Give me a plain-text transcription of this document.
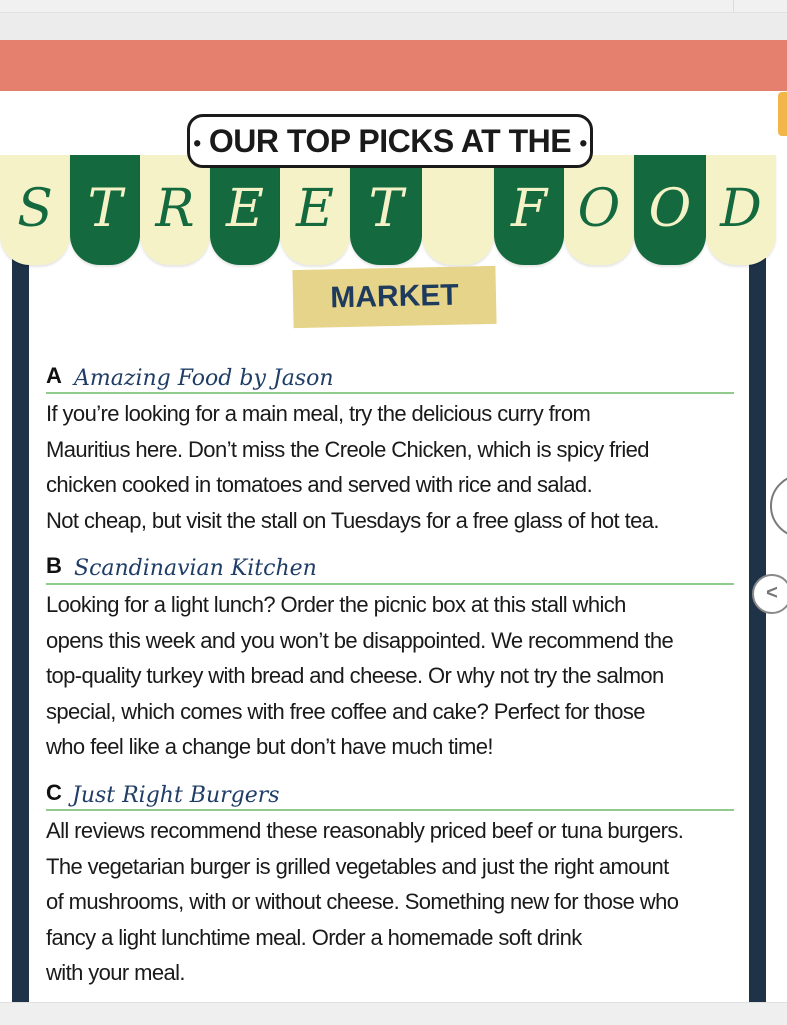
S T R E E T	F O O D
• OUR TOP PICKS AT THE •
MARKET
A Amazing Food by Jason
If you’re looking for a main meal, try the delicious curry from
Mauritius here. Don’t miss the Creole Chicken, which is spicy fried
chicken cooked in tomatoes and served with rice and salad.
Not cheap, but visit the stall on Tuesdays for a free glass of hot tea.
B Scandinavian Kitchen
Looking for a light lunch? Order the picnic box at this stall which
opens this week and you won’t be disappointed. We recommend the
top-quality turkey with bread and cheese. Or why not try the salmon
special, which comes with free coffee and cake? Perfect for those
who feel like a change but don’t have much time!
C Just Right Burgers
All reviews recommend these reasonably priced beef or tuna burgers.
The vegetarian burger is grilled vegetables and just the right amount
of mushrooms, with or without cheese. Something new for those who
fancy a light lunchtime meal. Order a homemade soft drink
with your meal.
<
